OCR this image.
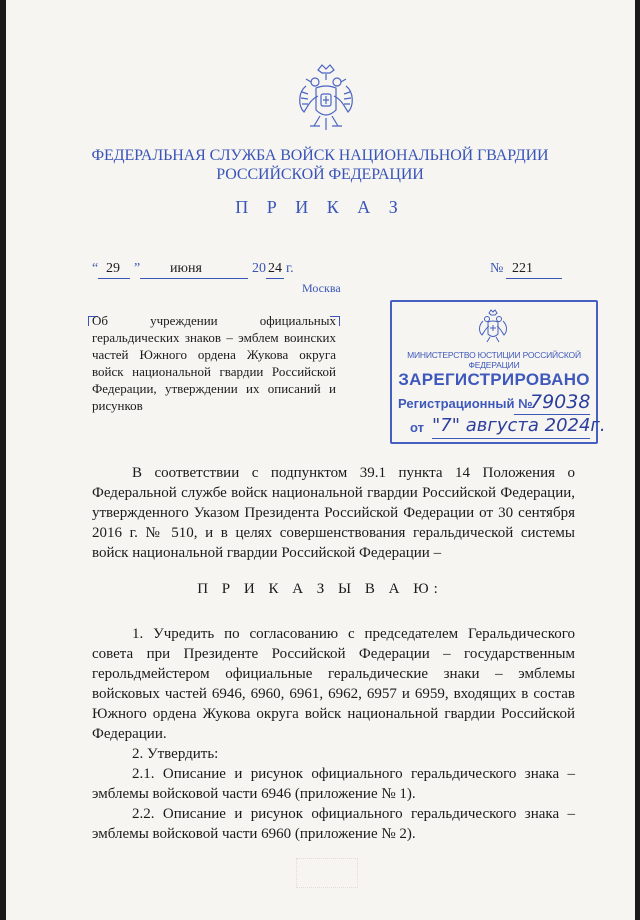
ФЕДЕРАЛЬНАЯ СЛУЖБА ВОЙСК НАЦИОНАЛЬНОЙ ГВАРДИИ
РОССИЙСКОЙ ФЕДЕРАЦИИ
П Р И К А З
“ 29 ” июня	20 24 г.	№ 221
Москва
Об учреждении официальных геральдических знаков – эмблем воинских частей Южного ордена Жукова округа войск национальной гвардии Российской Федерации, утверждении их описаний и рисунков
МИНИСТЕРСТВО ЮСТИЦИИ РОССИЙСКОЙ ФЕДЕРАЦИИ
ЗАРЕГИСТРИРОВАНО
Регистрационный №
79038
от "7" августа 2024г.

В соответствии с подпунктом 39.1 пункта 14 Положения о Федеральной службе войск национальной гвардии Российской Федерации, утвержденного Указом Президента Российской Федерации от 30 сентября 2016 г. № 510, и в целях совершенствования геральдической системы войск национальной гвардии Российской Федерации –

П Р И К А З Ы В А Ю:

1. Учредить по согласованию с председателем Геральдического совета при Президенте Российской Федерации – государственным герольдмейстером официальные геральдические знаки – эмблемы войсковых частей 6946, 6960, 6961, 6962, 6957 и 6959, входящих в состав Южного ордена Жукова округа войск национальной гвардии Российской Федерации.

2. Утвердить:

2.1. Описание и рисунок официального геральдического знака – эмблемы войсковой части 6946 (приложение № 1).

2.2. Описание и рисунок официального геральдического знака – эмблемы войсковой части 6960 (приложение № 2).
